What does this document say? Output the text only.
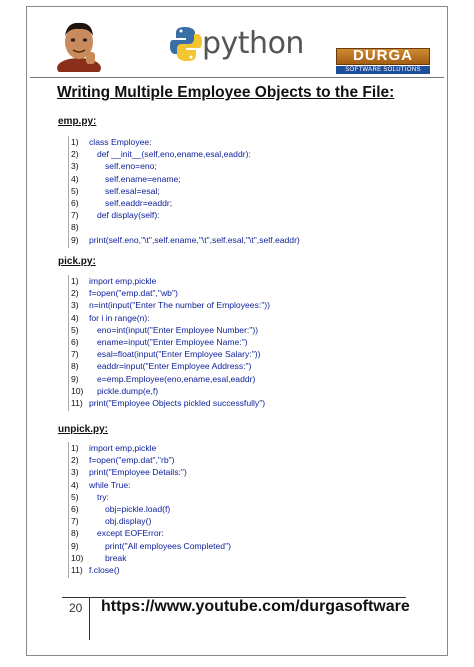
python	DURGA
SOFTWARE SOLUTIONS
Writing Multiple Employee Objects to the File:
emp.py:
1)	class Employee:
2)	def __init__(self,eno,ename,esal,eaddr):
3)	self.eno=eno;
4)	self.ename=ename;
5)	self.esal=esal;
6)	self.eaddr=eaddr;
7)	def display(self):
8)
9)	print(self.eno,"\t",self.ename,"\t",self.esal,"\t",self.eaddr)
pick.py:
1)	import emp,pickle
2)	f=open("emp.dat","wb")
3)	n=int(input("Enter The number of Employees:"))
4)	for i in range(n):
5)	eno=int(input("Enter Employee Number:"))
6)	ename=input("Enter Employee Name:")
7)	esal=float(input("Enter Employee Salary:"))
8)	eaddr=input("Enter Employee Address:")
9)	e=emp.Employee(eno,ename,esal,eaddr)
10) pickle.dump(e,f)
11) print("Employee Objects pickled successfully")
unpick.py:
1)	import emp,pickle
2)	f=open("emp.dat","rb")
3)	print("Employee Details:")
4)	while True:
5)	try:
6)	obj=pickle.load(f)
7)	obj.display()
8)	except EOFError:
9)	print("All employees Completed")
10)	break
11) f.close()
20 https://www.youtube.com/durgasoftware
